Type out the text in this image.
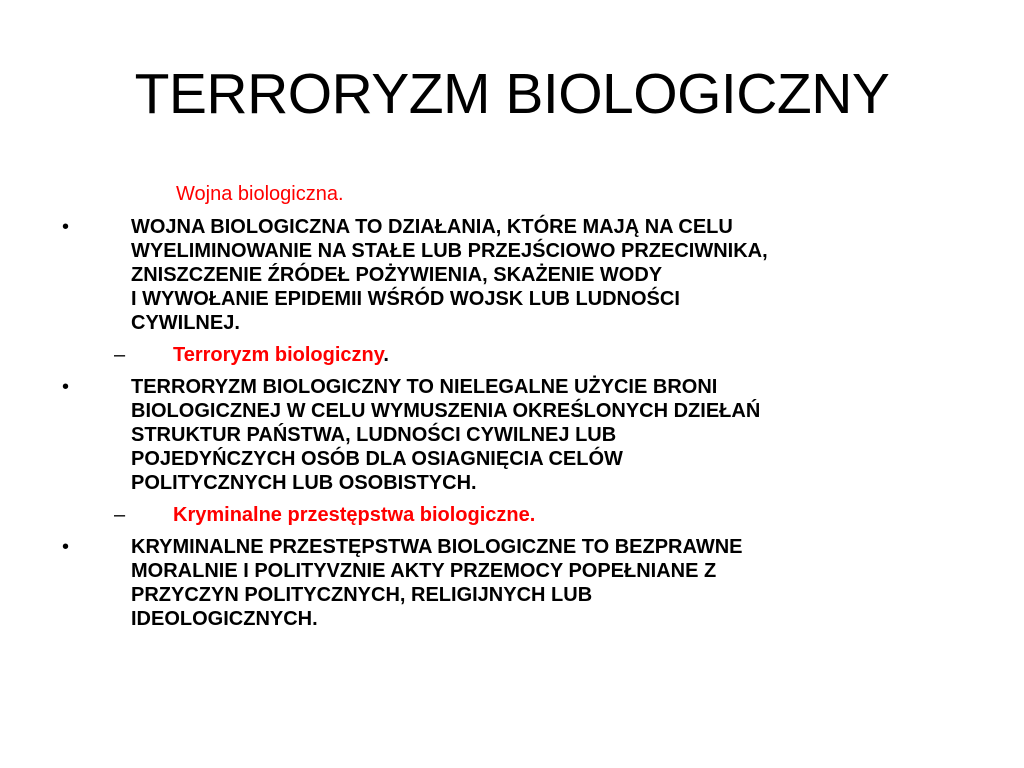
TERRORYZM BIOLOGICZNY
Wojna biologiczna.
•	WOJNA BIOLOGICZNA TO DZIAŁANIA, KTÓRE MAJĄ NA CELU
WYELIMINOWANIE NA STAŁE LUB PRZEJŚCIOWO PRZECIWNIKA,
ZNISZCZENIE ŹRÓDEŁ POŻYWIENIA, SKAŻENIE WODY
I WYWOŁANIE EPIDEMII WŚRÓD WOJSK LUB LUDNOŚCI
CYWILNEJ.
– Terroryzm biologiczny.
•	TERRORYZM BIOLOGICZNY TO NIELEGALNE UŻYCIE BRONI
BIOLOGICZNEJ W CELU WYMUSZENIA OKREŚLONYCH DZIEŁAŃ
STRUKTUR PAŃSTWA, LUDNOŚCI CYWILNEJ LUB
POJEDYŃCZYCH OSÓB DLA OSIAGNIĘCIA CELÓW
POLITYCZNYCH LUB OSOBISTYCH.
– Kryminalne przestępstwa biologiczne.
•	KRYMINALNE PRZESTĘPSTWA BIOLOGICZNE TO BEZPRAWNE
MORALNIE I POLITYVZNIE AKTY PRZEMOCY POPEŁNIANE Z
PRZYCZYN POLITYCZNYCH, RELIGIJNYCH LUB
IDEOLOGICZNYCH.
